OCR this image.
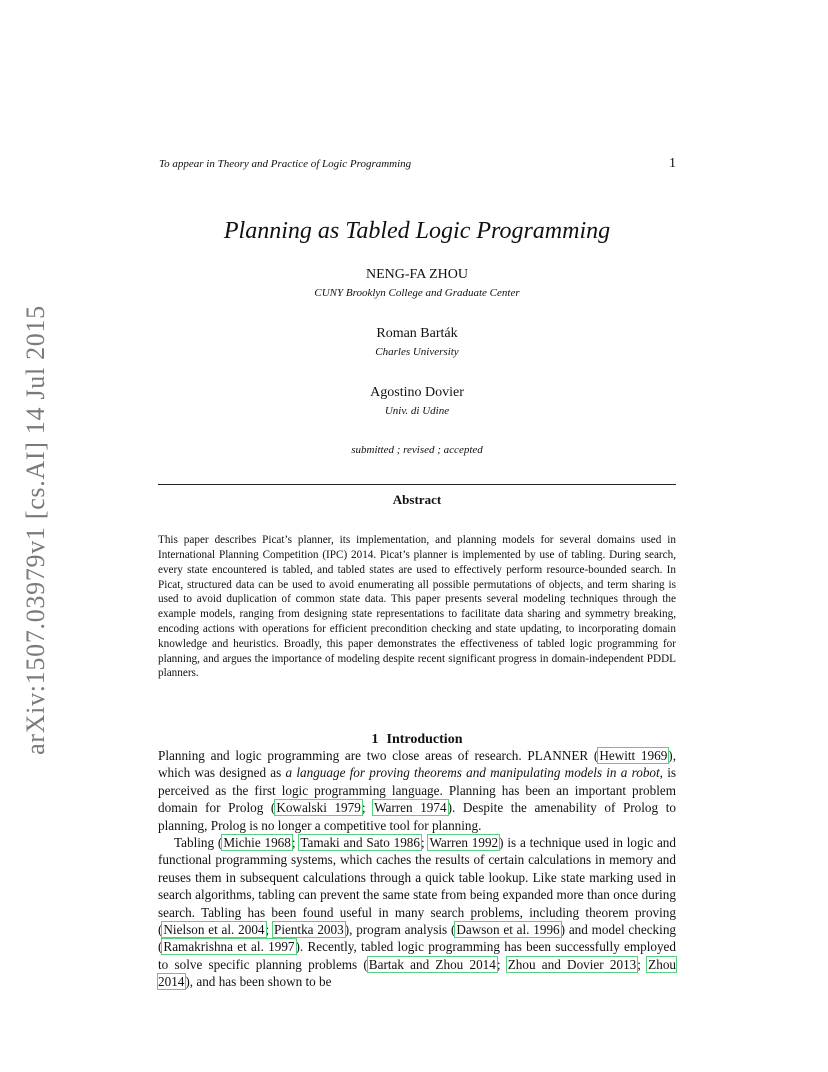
arXiv:1507.03979v1 [cs.AI] 14 Jul 2015
To appear in Theory and Practice of Logic Programming	1
Planning as Tabled Logic Programming
NENG-FA ZHOU
CUNY Brooklyn College and Graduate Center
Roman Barták
Charles University
Agostino Dovier
Univ. di Udine
submitted ; revised ; accepted
Abstract

This paper describes Picat’s planner, its implementation, and planning models for several domains used in International Planning Competition (IPC) 2014. Picat’s planner is implemented by use of tabling. During search, every state encountered is tabled, and tabled states are used to effectively perform resource-bounded search. In Picat, structured data can be used to avoid enumerating all possible permutations of objects, and term sharing is used to avoid duplication of common state data. This paper presents several modeling techniques through the example models, ranging from designing state representations to facilitate data sharing and symmetry breaking, encoding actions with operations for efficient precondition checking and state updating, to incorporating domain knowledge and heuristics. Broadly, this paper demonstrates the effectiveness of tabled logic programming for planning, and argues the importance of modeling despite recent significant progress in domain-independent PDDL planners.

1 Introduction

Planning and logic programming are two close areas of research. PLANNER (Hewitt 1969), which was designed as a language for proving theorems and manipulating models in a robot, is perceived as the first logic programming language. Planning has been an important problem domain for Prolog (Kowalski 1979; Warren 1974). Despite the amenability of Prolog to planning, Prolog is no longer a competitive tool for planning.

Tabling (Michie 1968; Tamaki and Sato 1986; Warren 1992) is a technique used in logic and functional programming systems, which caches the results of certain calculations in memory and reuses them in subsequent calculations through a quick table lookup. Like state marking used in search algorithms, tabling can prevent the same state from being expanded more than once during search. Tabling has been found useful in many search problems, including theorem proving (Nielson et al. 2004; Pientka 2003), program analysis (Dawson et al. 1996) and model checking (Ramakrishna et al. 1997). Recently, tabled logic programming has been successfully employed to solve specific planning problems (Bartak and Zhou 2014; Zhou and Dovier 2013; Zhou 2014), and has been shown to be
